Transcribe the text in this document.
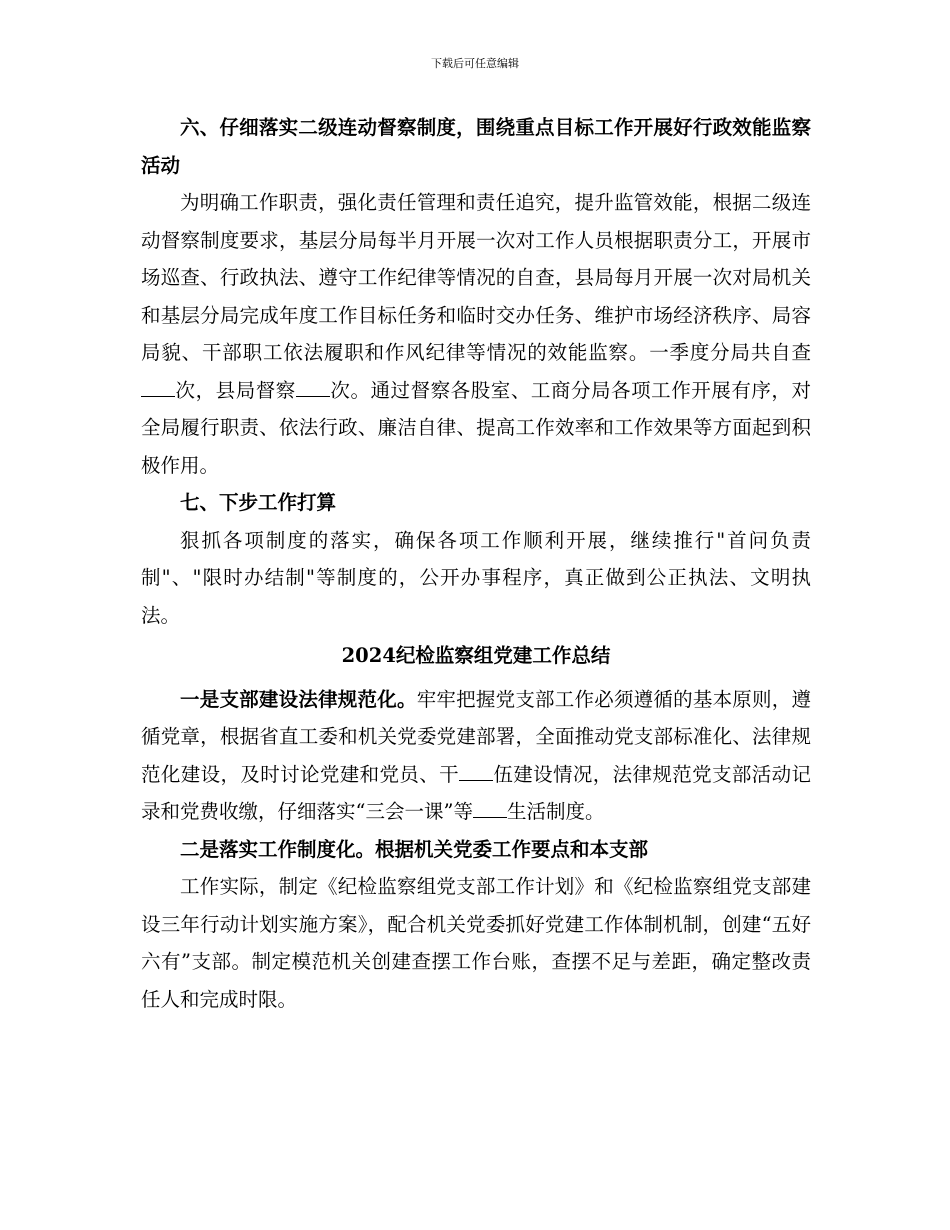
下载后可任意编辑

六、仔细落实二级连动督察制度，围绕重点目标工作开展好行政效能监察活动

为明确工作职责，强化责任管理和责任追究，提升监管效能，根据二级连动督察制度要求，基层分局每半月开展一次对工作人员根据职责分工，开展市场巡查、行政执法、遵守工作纪律等情况的自查，县局每月开展一次对局机关和基层分局完成年度工作目标任务和临时交办任务、维护市场经济秩序、局容局貌、干部职工依法履职和作风纪律等情况的效能监察。一季度分局共自查次，县局督察 次。通过督察各股室、工商分局各项工作开展有序，对全局履行职责、依法行政、廉洁自律、提高工作效率和工作效果等方面起到积极作用。

七、下步工作打算

狠抓各项制度的落实，确保各项工作顺利开展，继续推行"首问负责制"、"限时办结制"等制度的，公开办事程序，真正做到公正执法、文明执法。

2024纪检监察组党建工作总结

一是支部建设法律规范化。牢牢把握党支部工作必须遵循的基本原则，遵循党章，根据省直工委和机关党委党建部署，全面推动党支部标准化、法律规范化建设，及时讨论党建和党员、干 伍建设情况，法律规范党支部活动记录和党费收缴，仔细落实“三会一课”等 生活制度。

二是落实工作制度化。根据机关党委工作要点和本支部

工作实际，制定《纪检监察组党支部工作计划》和《纪检监察组党支部建设三年行动计划实施方案》，配合机关党委抓好党建工作体制机制，创建“五好六有”支部。制定模范机关创建查摆工作台账，查摆不足与差距，确定整改责任人和完成时限。
